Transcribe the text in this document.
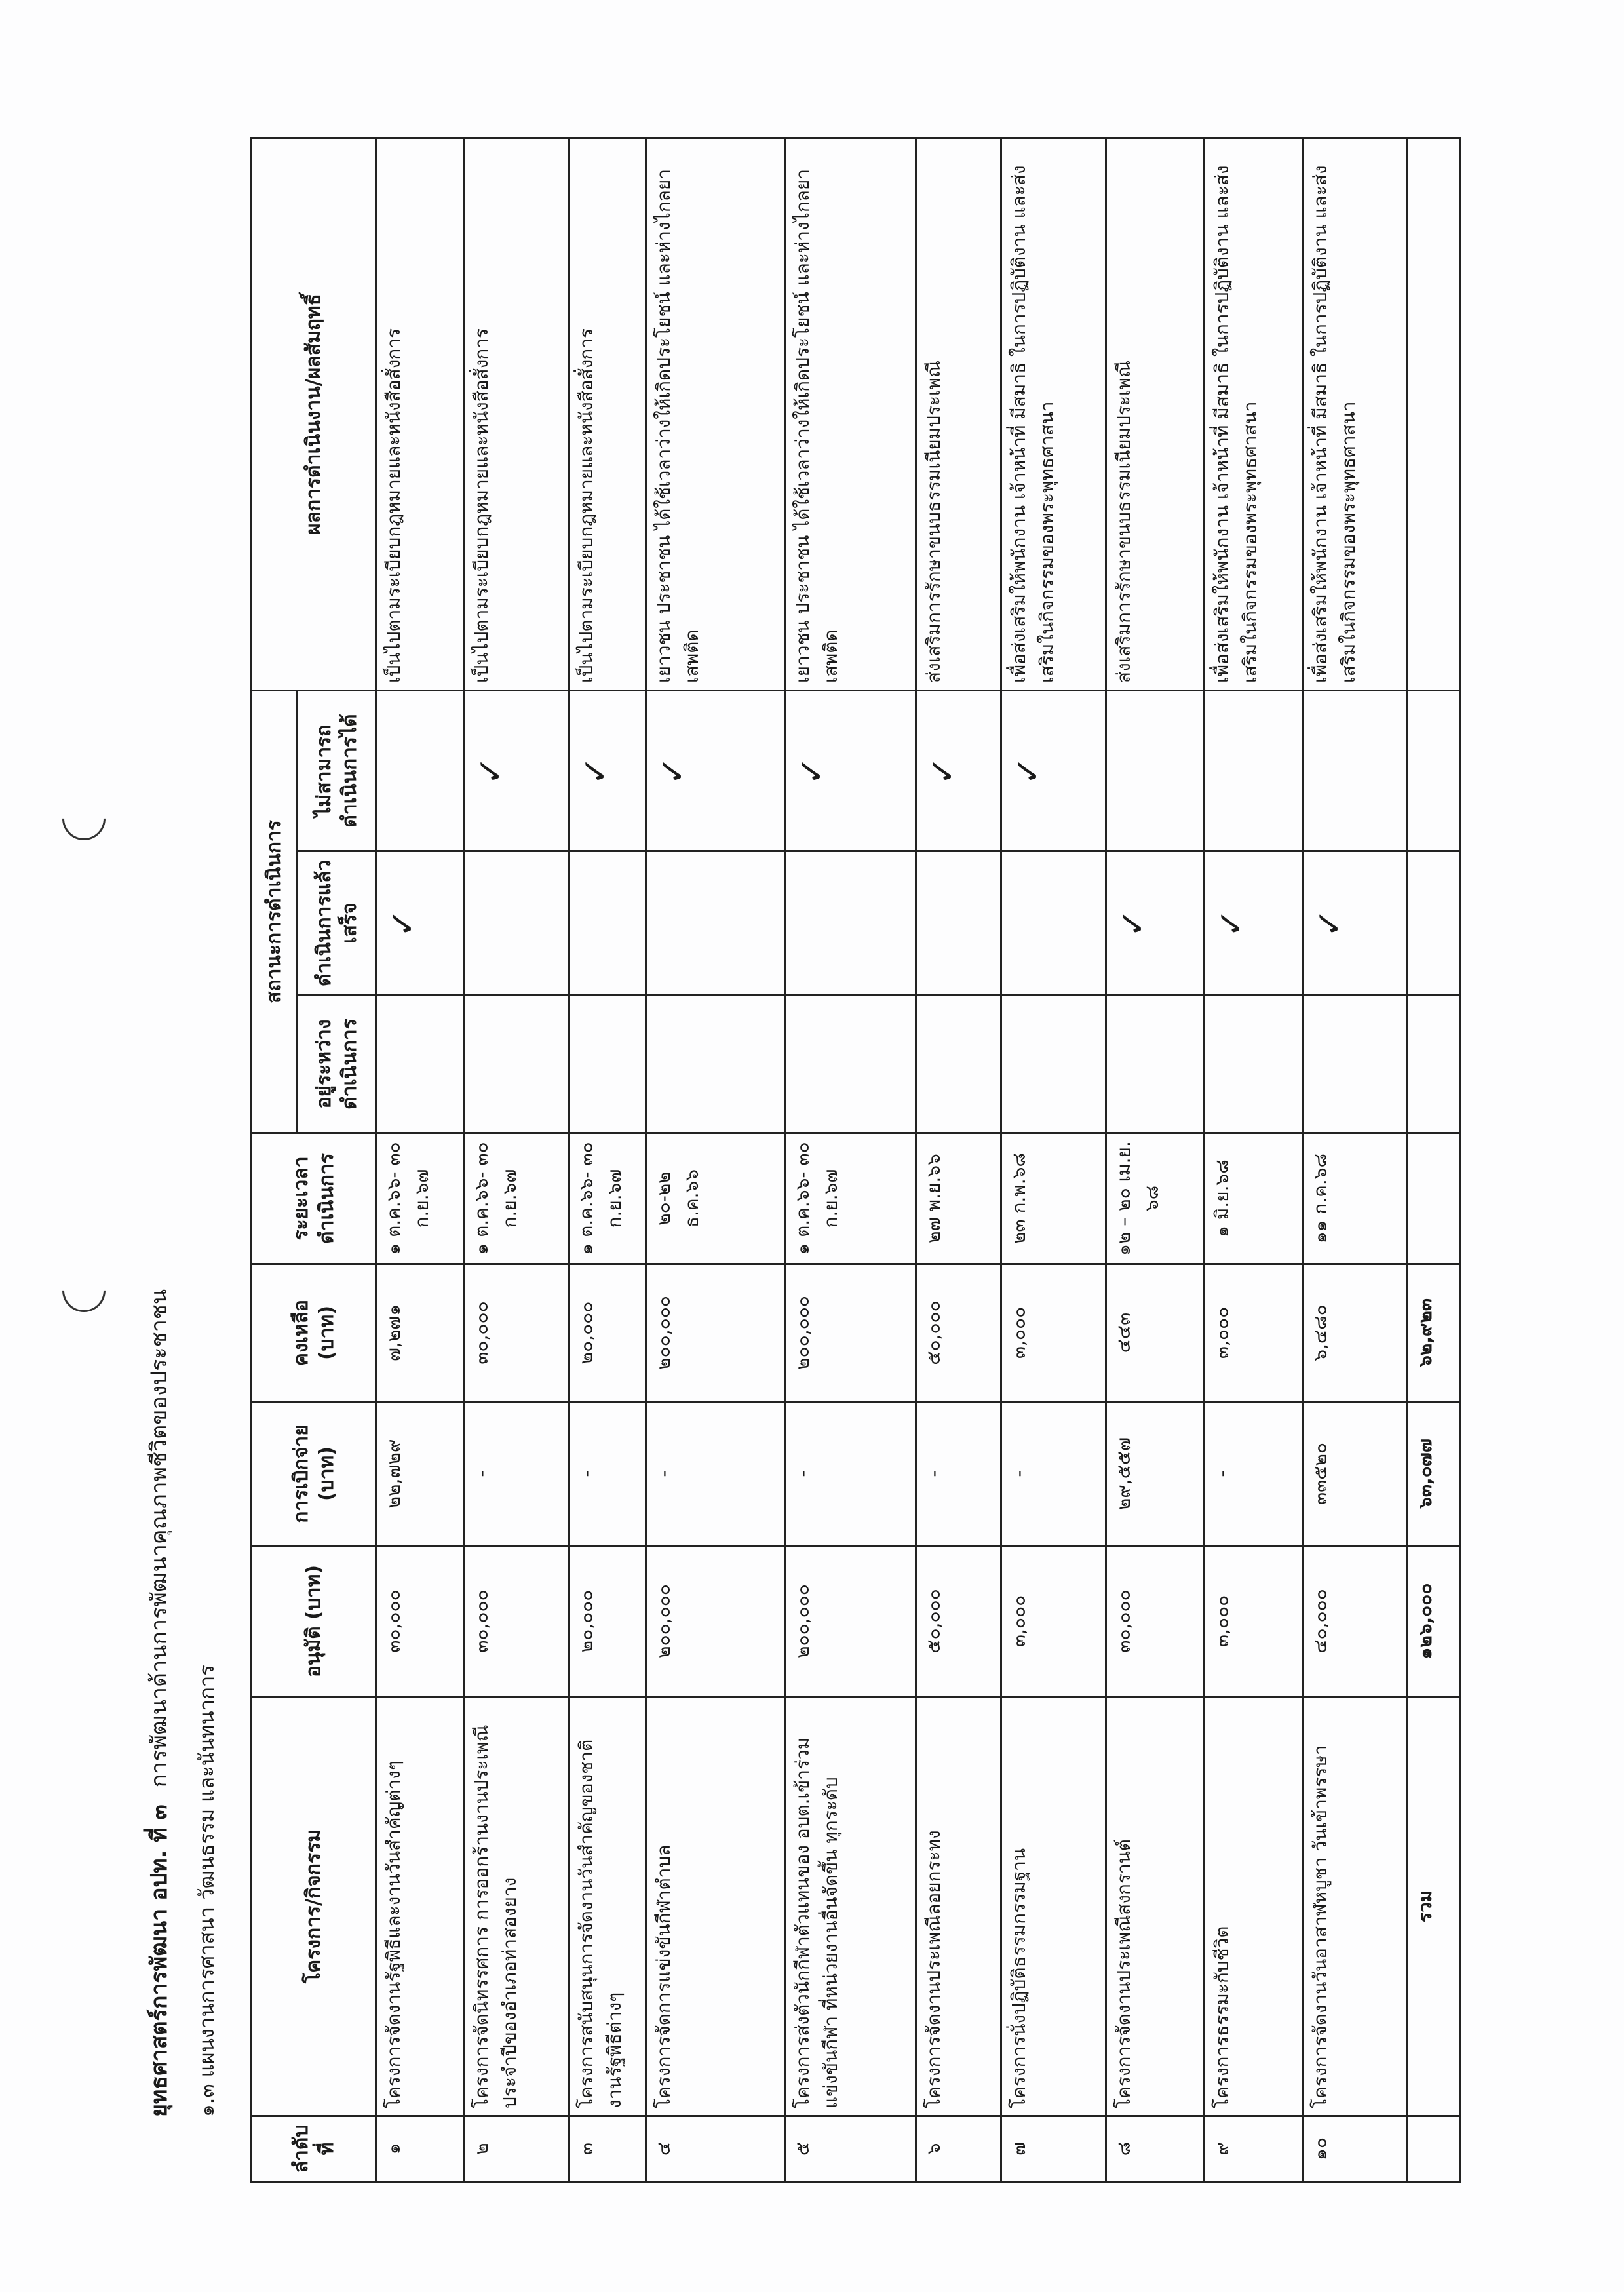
ยุทธศาสตร์การพัฒนา อปท. ที่ ๓ การพัฒนาด้านการพัฒนาคุณภาพชีวิตของประชาชน
๑.๓ แผนงานการศาสนา วัฒนธรรม และนันทนาการ
ลำดับที่	โครงการ/กิจกรรม	อนุมัติ (บาท)	การเบิกจ่าย (บาท)	คงเหลือ (บาท)	ระยะเวลาดำเนินการ	สถานะการดำเนินการ			ผลการดำเนินงาน/ผลสัมฤทธิ์
						อยู่ระหว่างดำเนินการ	ดำเนินการแล้วเสร็จ	ไม่สามารถดำเนินการได้	
๑	โครงการจัดงานรัฐพิธีและงานวันสำคัญต่างๆ	๓๐,๐๐๐	๒๒,๗๒๙	๗,๒๗๑	๑ ต.ค.๖๖- ๓๐ ก.ย.๖๗		✓		เป็นไปตามระเบียบกฎหมายและหนังสือสั่งการ
๒	โครงการจัดนิทรรศการ การออกร้านงานประเพณีประจำปีของอำเภอท่าสองยาง	๓๐,๐๐๐	-	๓๐,๐๐๐	๑ ต.ค.๖๖- ๓๐ ก.ย.๖๗			✓	เป็นไปตามระเบียบกฎหมายและหนังสือสั่งการ
๓	โครงการสนับสนุนการจัดงานวันสำคัญของชาติ งานรัฐพิธีต่างๆ	๒๐,๐๐๐	-	๒๐,๐๐๐	๑ ต.ค.๖๖- ๓๐ ก.ย.๖๗			✓	เป็นไปตามระเบียบกฎหมายและหนังสือสั่งการ
๔	โครงการจัดการแข่งขันกีฬาตำบล	๒๐๐,๐๐๐	-	๒๐๐,๐๐๐	๒๐-๒๒ ธ.ค.๖๖			✓	เยาวชน ประชาชน ได้ใช้เวลาว่างให้เกิดประโยชน์ และห่างไกลยาเสพติด
๕	โครงการส่งตัวนักกีฬาตัวแทนของ อบต.เข้าร่วมแข่งขันกีฬา ที่หน่วยงานอื่นจัดขึ้น ทุกระดับ	๒๐๐,๐๐๐	-	๒๐๐,๐๐๐	๑ ต.ค.๖๖- ๓๐ ก.ย.๖๗			✓	เยาวชน ประชาชน ได้ใช้เวลาว่างให้เกิดประโยชน์ และห่างไกลยาเสพติด
๖	โครงการจัดงานประเพณีลอยกระทง	๕๐,๐๐๐	-	๕๐,๐๐๐	๒๗ พ.ย.๖๖			✓	ส่งเสริมการรักษาขนบธรรมเนียมประเพณี
๗	โครงการนั่งปฏิบัติธรรมกรรมฐาน	๓,๐๐๐	-	๓,๐๐๐	๒๓ ก.พ.๖๘			✓	เพื่อส่งเสริมให้พนักงาน เจ้าหน้าที่ มีสมาธิ ในการปฏิบัติงาน และส่งเสริมในกิจกรรมของพระพุทธศาสนา
๘	โครงการจัดงานประเพณีสงกรานต์	๓๐,๐๐๐	๒๙,๕๕๗	๔๔๓	๑๒ – ๒๐ เม.ย. ๖๘		✓		ส่งเสริมการรักษาขนบธรรมเนียมประเพณี
๙	โครงการธรรมะกับชีวิต	๓,๐๐๐	-	๓,๐๐๐	๑ มิ.ย.๖๘		✓		เพื่อส่งเสริมให้พนักงาน เจ้าหน้าที่ มีสมาธิ ในการปฏิบัติงาน และส่งเสริมในกิจกรรมของพระพุทธศาสนา
๑๐	โครงการจัดงานวันอาสาฬหบูชา วันเข้าพรรษา	๔๐,๐๐๐	๓๓๕๒๐	๖,๔๘๐	๑๑ ก.ค.๖๘		✓		เพื่อส่งเสริมให้พนักงาน เจ้าหน้าที่ มีสมาธิ ในการปฏิบัติงาน และส่งเสริมในกิจกรรมของพระพุทธศาสนา
	รวม	๑๒๖,๐๐๐	๖๓,๐๗๗	๖๒,๙๒๓					
